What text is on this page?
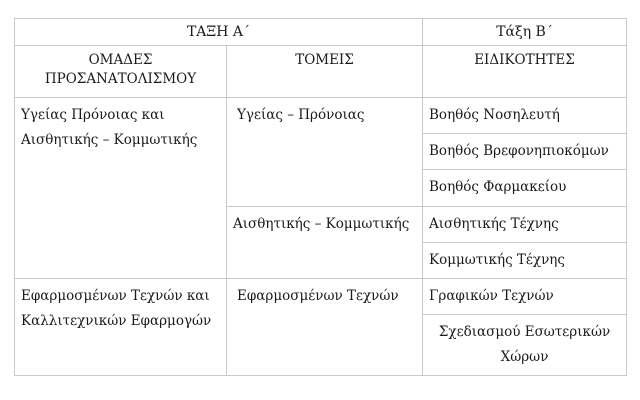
ΤΑΞΗ Α΄		Τάξη Β΄

ΟΜΑΔΕΣ
ΠΡΟΣΑΝΑΤΟΛΙΣΜΟΥ	ΤΟΜΕΙΣ	ΕΙΔΙΚΟΤΗΤΕΣ

Υγείας Πρόνοιας και
Αισθητικής – Κομμωτικής	Υγείας – Πρόνοιας	Βοηθός Νοσηλευτή

		Βοηθός Βρεφονηπιοκόμων

		Βοηθός Φαρμακείου

	Αισθητικής – Κομμωτικής	Αισθητικής Τέχνης

		Κομμωτικής Τέχνης

Εφαρμοσμένων Τεχνών και
Καλλιτεχνικών Εφαρμογών	Εφαρμοσμένων Τεχνών	Γραφικών Τεχνών

		Σχεδιασμού Εσωτερικών
Χώρων
